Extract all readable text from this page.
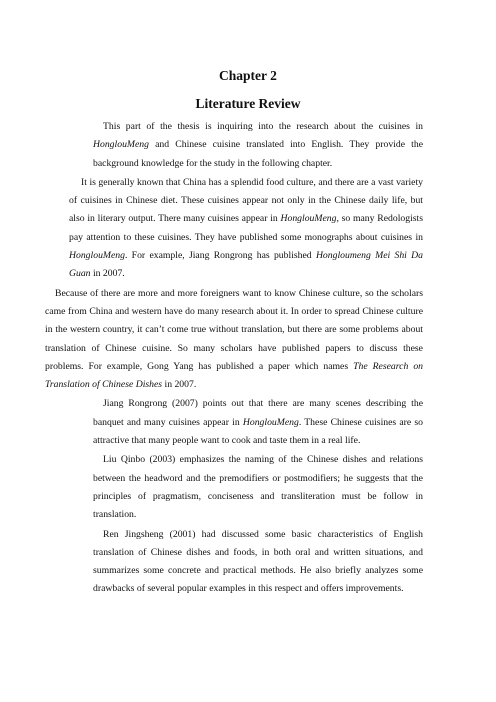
Chapter 2
Literature Review

This part of the thesis is inquiring into the research about the cuisines in HonglouMeng and Chinese cuisine translated into English. They provide the background knowledge for the study in the following chapter.

It is generally known that China has a splendid food culture, and there are a vast variety of cuisines in Chinese diet. These cuisines appear not only in the Chinese daily life, but also in literary output. There many cuisines appear in HonglouMeng, so many Redologists pay attention to these cuisines. They have published some monographs about cuisines in HonglouMeng. For example, Jiang Rongrong has published Hongloumeng Mei Shi Da Guan in 2007.

Because of there are more and more foreigners want to know Chinese culture, so the scholars came from China and western have do many research about it. In order to spread Chinese culture in the western country, it can’t come true without translation, but there are some problems about translation of Chinese cuisine. So many scholars have published papers to discuss these problems. For example, Gong Yang has published a paper which names The Research on Translation of Chinese Dishes in 2007.

Jiang Rongrong (2007) points out that there are many scenes describing the banquet and many cuisines appear in HonglouMeng. These Chinese cuisines are so attractive that many people want to cook and taste them in a real life.

Liu Qinbo (2003) emphasizes the naming of the Chinese dishes and relations between the headword and the premodifiers or postmodifiers; he suggests that the principles of pragmatism, conciseness and transliteration must be follow in translation.

Ren Jingsheng (2001) had discussed some basic characteristics of English translation of Chinese dishes and foods, in both oral and written situations, and summarizes some concrete and practical methods. He also briefly analyzes some drawbacks of several popular examples in this respect and offers improvements.
